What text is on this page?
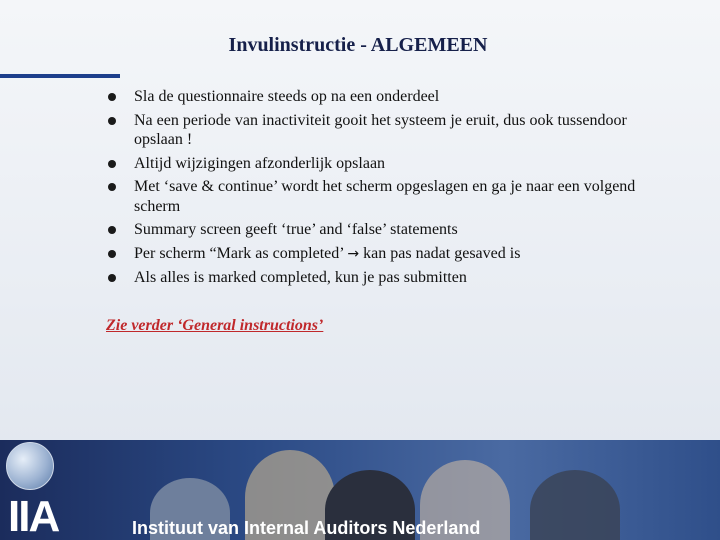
Invulinstructie - ALGEMEEN
Sla de questionnaire steeds op na een onderdeel
Na een periode van inactiviteit gooit het systeem je eruit, dus ook tussendoor opslaan !
Altijd wijzigingen afzonderlijk opslaan
Met ‘save & continue’ wordt het scherm opgeslagen en ga je naar een volgend scherm
Summary screen geeft ‘true’ and ‘false’ statements
Per scherm “Mark as completed’ → kan pas nadat gesaved is
Als alles is marked completed, kun je pas submitten
Zie verder ‘General instructions’
IIA	Instituut van Internal Auditors Nederland
